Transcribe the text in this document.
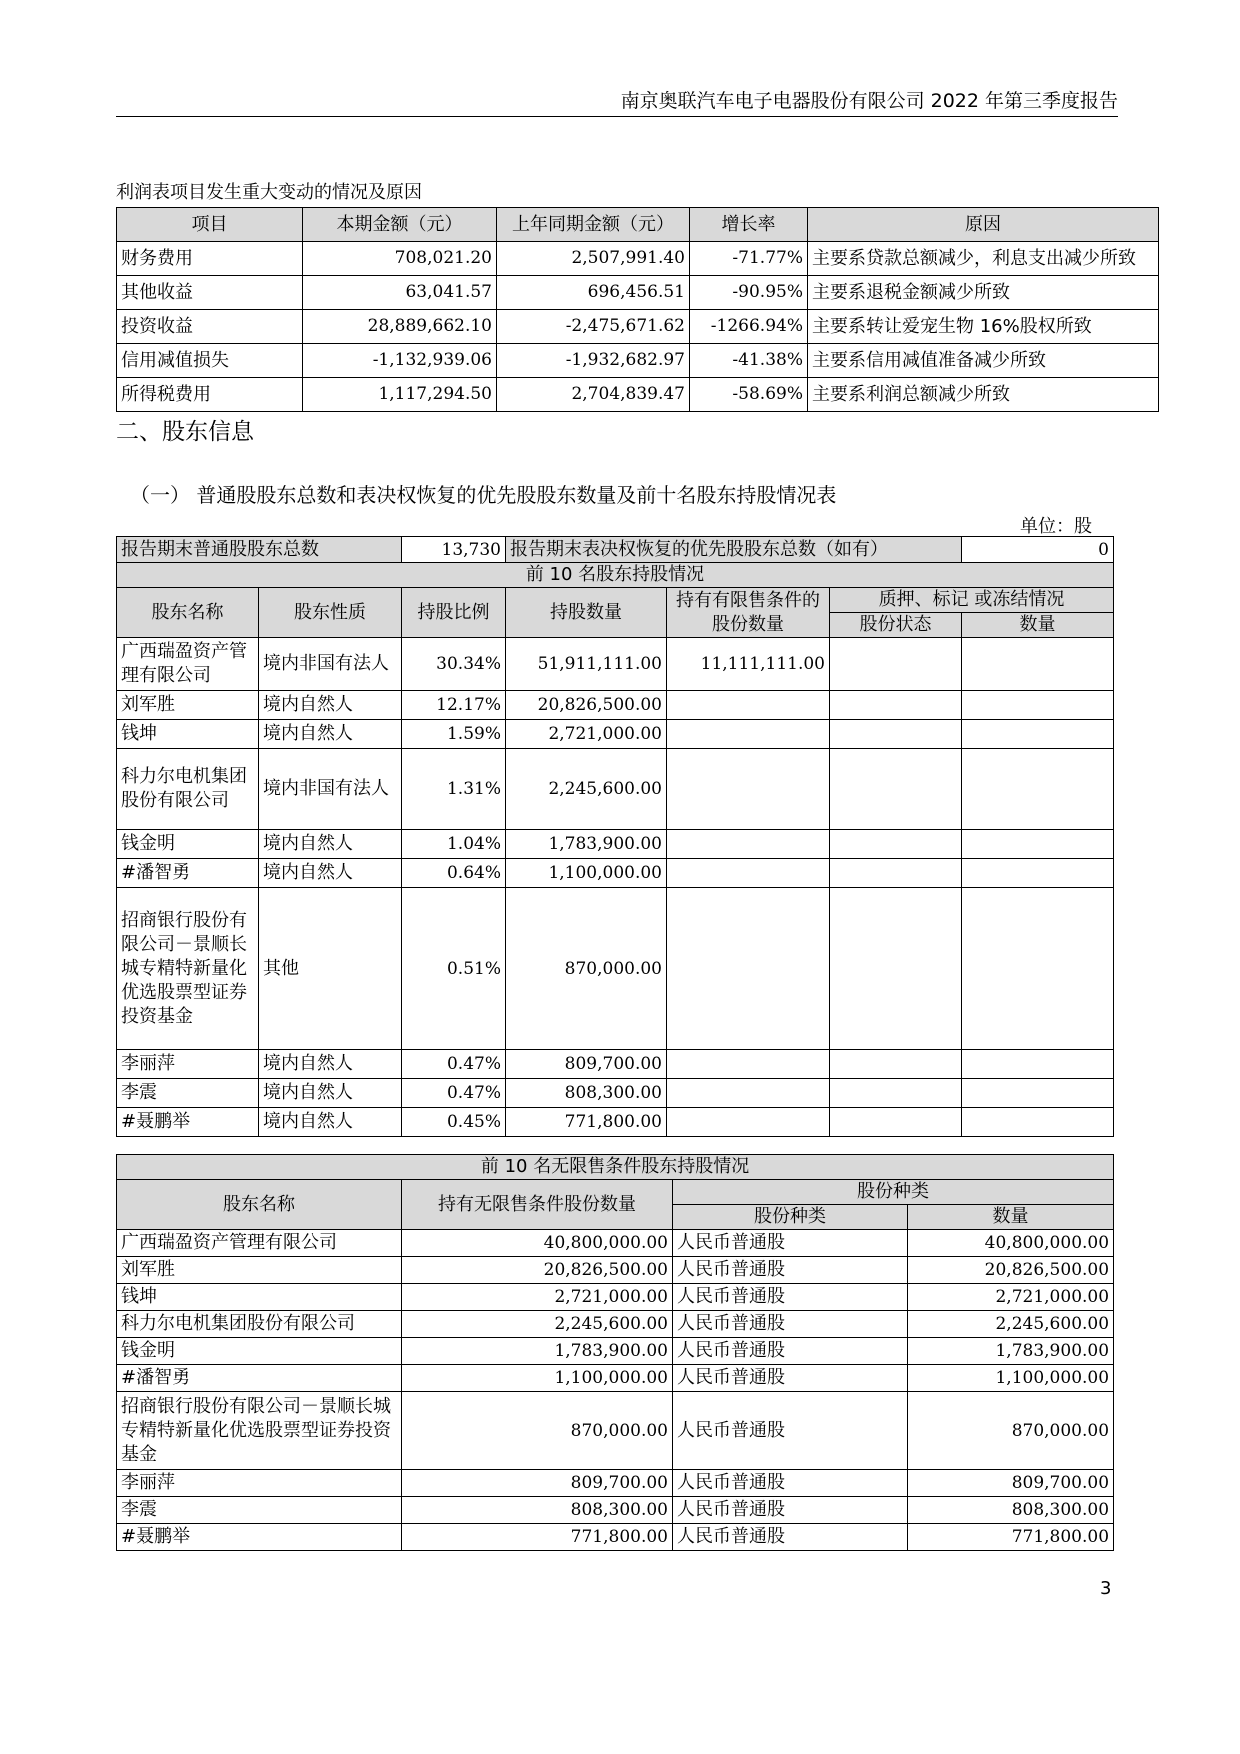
南京奥联汽车电子电器股份有限公司 2022 年第三季度报告
利润表项目发生重大变动的情况及原因
项目	本期金额（元）	上年同期金额（元）	增长率	原因
财务费用	708,021.20	2,507,991.40	-71.77%	主要系贷款总额减少，利息支出减少所致
其他收益	63,041.57	696,456.51	-90.95%	主要系退税金额减少所致
投资收益	28,889,662.10	-2,475,671.62	-1266.94%	主要系转让爱宠生物 16%股权所致
信用减值损失	-1,132,939.06	-1,932,682.97	-41.38%	主要系信用减值准备减少所致
所得税费用	1,117,294.50	2,704,839.47	-58.69%	主要系利润总额减少所致
二、股东信息
（一） 普通股股东总数和表决权恢复的优先股股东数量及前十名股东持股情况表
单位：股
报告期末普通股股东总数		13,730	报告期末表决权恢复的优先股股东总数（如有）			0
前 10 名股东持股情况						
股东名称	股东性质	持股比例	持股数量	持有有限售条件的股份数量	质押、标记 或冻结情况	
					股份状态	数量
广西瑞盈资产管理有限公司	境内非国有法人	30.34%	51,911,111.00	11,111,111.00		
刘军胜	境内自然人	12.17%	20,826,500.00			
钱坤	境内自然人	1.59%	2,721,000.00			
科力尔电机集团股份有限公司	境内非国有法人	1.31%	2,245,600.00			
钱金明	境内自然人	1.04%	1,783,900.00			
#潘智勇	境内自然人	0.64%	1,100,000.00			
招商银行股份有限公司－景顺长城专精特新量化优选股票型证券投资基金	其他	0.51%	870,000.00			
李丽萍	境内自然人	0.47%	809,700.00			
李震	境内自然人	0.47%	808,300.00			
#聂鹏举	境内自然人	0.45%	771,800.00			
前 10 名无限售条件股东持股情况			
股东名称	持有无限售条件股份数量	股份种类	
		股份种类	数量
广西瑞盈资产管理有限公司	40,800,000.00	人民币普通股	40,800,000.00
刘军胜	20,826,500.00	人民币普通股	20,826,500.00
钱坤	2,721,000.00	人民币普通股	2,721,000.00
科力尔电机集团股份有限公司	2,245,600.00	人民币普通股	2,245,600.00
钱金明	1,783,900.00	人民币普通股	1,783,900.00
#潘智勇	1,100,000.00	人民币普通股	1,100,000.00
招商银行股份有限公司－景顺长城专精特新量化优选股票型证券投资基金	870,000.00	人民币普通股	870,000.00
李丽萍	809,700.00	人民币普通股	809,700.00
李震	808,300.00	人民币普通股	808,300.00
#聂鹏举	771,800.00	人民币普通股	771,800.00
3
